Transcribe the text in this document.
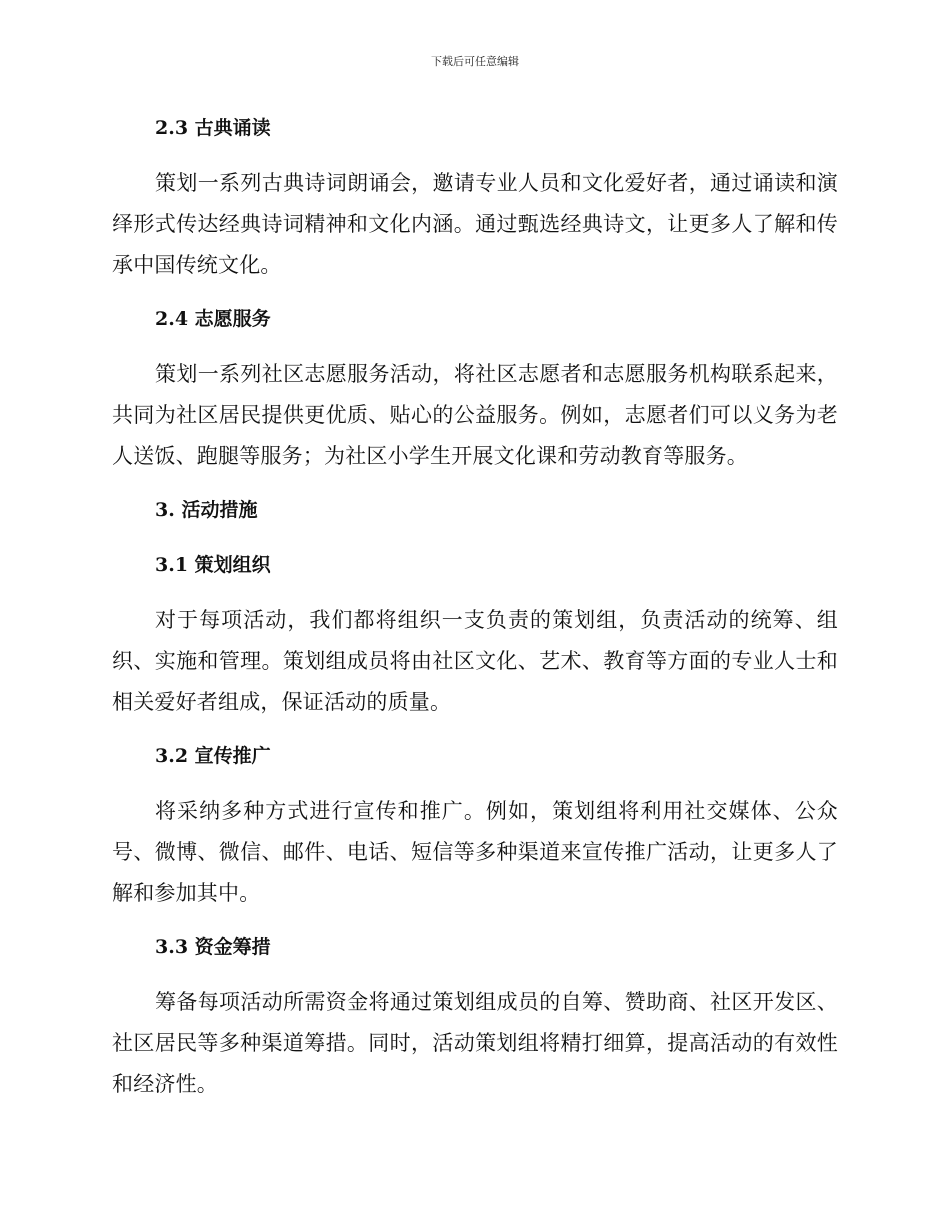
下载后可任意编辑
2.3 古典诵读

策划一系列古典诗词朗诵会，邀请专业人员和文化爱好者，通过诵读和演绎形式传达经典诗词精神和文化内涵。通过甄选经典诗文，让更多人了解和传承中国传统文化。

2.4 志愿服务

策划一系列社区志愿服务活动，将社区志愿者和志愿服务机构联系起来，共同为社区居民提供更优质、贴心的公益服务。例如，志愿者们可以义务为老人送饭、跑腿等服务；为社区小学生开展文化课和劳动教育等服务。

3. 活动措施
3.1 策划组织

对于每项活动，我们都将组织一支负责的策划组，负责活动的统筹、组织、实施和管理。策划组成员将由社区文化、艺术、教育等方面的专业人士和相关爱好者组成，保证活动的质量。

3.2 宣传推广

将采纳多种方式进行宣传和推广。例如，策划组将利用社交媒体、公众号、微博、微信、邮件、电话、短信等多种渠道来宣传推广活动，让更多人了解和参加其中。

3.3 资金筹措

筹备每项活动所需资金将通过策划组成员的自筹、赞助商、社区开发区、社区居民等多种渠道筹措。同时，活动策划组将精打细算，提高活动的有效性和经济性。
